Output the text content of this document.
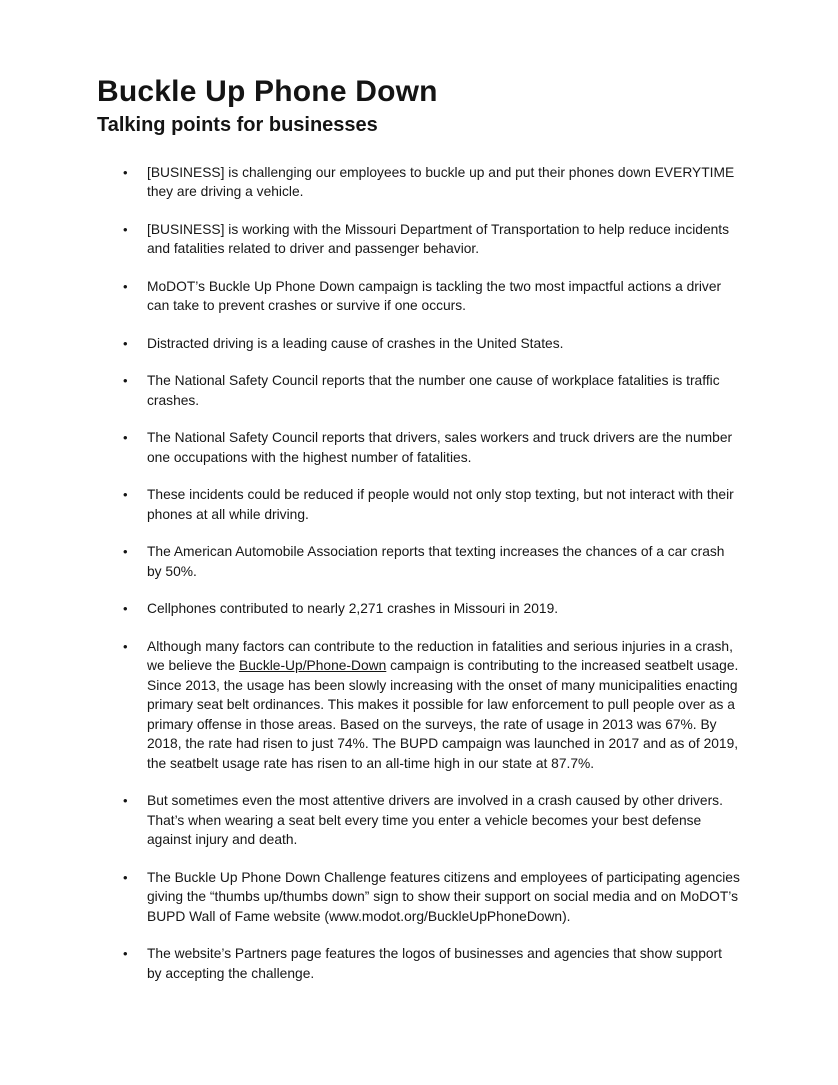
Buckle Up Phone Down
Talking points for businesses
•	[BUSINESS] is challenging our employees to buckle up and put their phones down EVERYTIME they are driving a vehicle.
•	[BUSINESS] is working with the Missouri Department of Transportation to help reduce incidents and fatalities related to driver and passenger behavior.
•	MoDOT’s Buckle Up Phone Down campaign is tackling the two most impactful actions a driver can take to prevent crashes or survive if one occurs.
•	Distracted driving is a leading cause of crashes in the United States.
•	The National Safety Council reports that the number one cause of workplace fatalities is traffic crashes.
•	The National Safety Council reports that drivers, sales workers and truck drivers are the number one occupations with the highest number of fatalities.
•	These incidents could be reduced if people would not only stop texting, but not interact with their phones at all while driving.
•	The American Automobile Association reports that texting increases the chances of a car crash by 50%.
•	Cellphones contributed to nearly 2,271 crashes in Missouri in 2019.
•	Although many factors can contribute to the reduction in fatalities and serious injuries in a crash, we believe the Buckle-Up/Phone-Down campaign is contributing to the increased seatbelt usage. Since 2013, the usage has been slowly increasing with the onset of many municipalities enacting primary seat belt ordinances. This makes it possible for law enforcement to pull people over as a primary offense in those areas. Based on the surveys, the rate of usage in 2013 was 67%. By 2018, the rate had risen to just 74%. The BUPD campaign was launched in 2017 and as of 2019, the seatbelt usage rate has risen to an all-time high in our state at 87.7%.
•	But sometimes even the most attentive drivers are involved in a crash caused by other drivers. That’s when wearing a seat belt every time you enter a vehicle becomes your best defense against injury and death.
•	The Buckle Up Phone Down Challenge features citizens and employees of participating agencies giving the “thumbs up/thumbs down” sign to show their support on social media and on MoDOT’s BUPD Wall of Fame website (www.modot.org/BuckleUpPhoneDown).
•	The website’s Partners page features the logos of businesses and agencies that show support by accepting the challenge.
